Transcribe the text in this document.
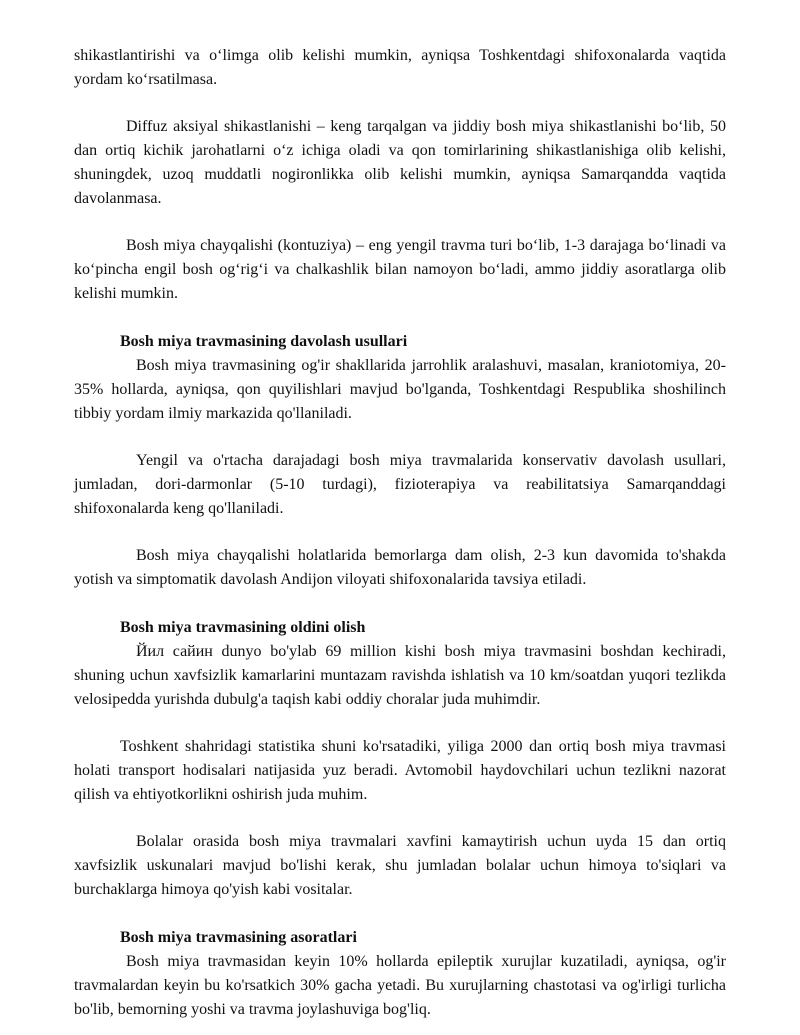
shikastlantirishi va o‘limga olib kelishi mumkin, ayniqsa Toshkentdagi shifoxonalarda vaqtida yordam ko‘rsatilmasa.

Diffuz aksiyal shikastlanishi – keng tarqalgan va jiddiy bosh miya shikastlanishi bo‘lib, 50 dan ortiq kichik jarohatlarni o‘z ichiga oladi va qon tomirlarining shikastlanishiga olib kelishi, shuningdek, uzoq muddatli nogironlikka olib kelishi mumkin, ayniqsa Samarqandda vaqtida davolanmasa.

Bosh miya chayqalishi (kontuziya) – eng yengil travma turi bo‘lib, 1-3 darajaga bo‘linadi va ko‘pincha engil bosh og‘rig‘i va chalkashlik bilan namoyon bo‘ladi, ammo jiddiy asoratlarga olib kelishi mumkin.

Bosh miya travmasining davolash usullari

Bosh miya travmasining og'ir shakllarida jarrohlik aralashuvi, masalan, kraniotomiya, 20-35% hollarda, ayniqsa, qon quyilishlari mavjud bo'lganda, Toshkentdagi Respublika shoshilinch tibbiy yordam ilmiy markazida qo'llaniladi.

Yengil va o'rtacha darajadagi bosh miya travmalarida konservativ davolash usullari, jumladan, dori-darmonlar (5-10 turdagi), fizioterapiya va reabilitatsiya Samarqanddagi shifoxonalarda keng qo'llaniladi.

Bosh miya chayqalishi holatlarida bemorlarga dam olish, 2-3 kun davomida to'shakda yotish va simptomatik davolash Andijon viloyati shifoxonalarida tavsiya etiladi.

Bosh miya travmasining oldini olish

Йил сайин dunyo bo'ylab 69 million kishi bosh miya travmasini boshdan kechiradi, shuning uchun xavfsizlik kamarlarini muntazam ravishda ishlatish va 10 km/soatdan yuqori tezlikda velosipedda yurishda dubulg'a taqish kabi oddiy choralar juda muhimdir.

Toshkent shahridagi statistika shuni ko'rsatadiki, yiliga 2000 dan ortiq bosh miya travmasi holati transport hodisalari natijasida yuz beradi. Avtomobil haydovchilari uchun tezlikni nazorat qilish va ehtiyotkorlikni oshirish juda muhim.

Bolalar orasida bosh miya travmalari xavfini kamaytirish uchun uyda 15 dan ortiq xavfsizlik uskunalari mavjud bo'lishi kerak, shu jumladan bolalar uchun himoya to'siqlari va burchaklarga himoya qo'yish kabi vositalar.

Bosh miya travmasining asoratlari

Bosh miya travmasidan keyin 10% hollarda epileptik xurujlar kuzatiladi, ayniqsa, og'ir travmalardan keyin bu ko'rsatkich 30% gacha yetadi. Bu xurujlarning chastotasi va og'irligi turlicha bo'lib, bemorning yoshi va travma joylashuviga bog'liq.
